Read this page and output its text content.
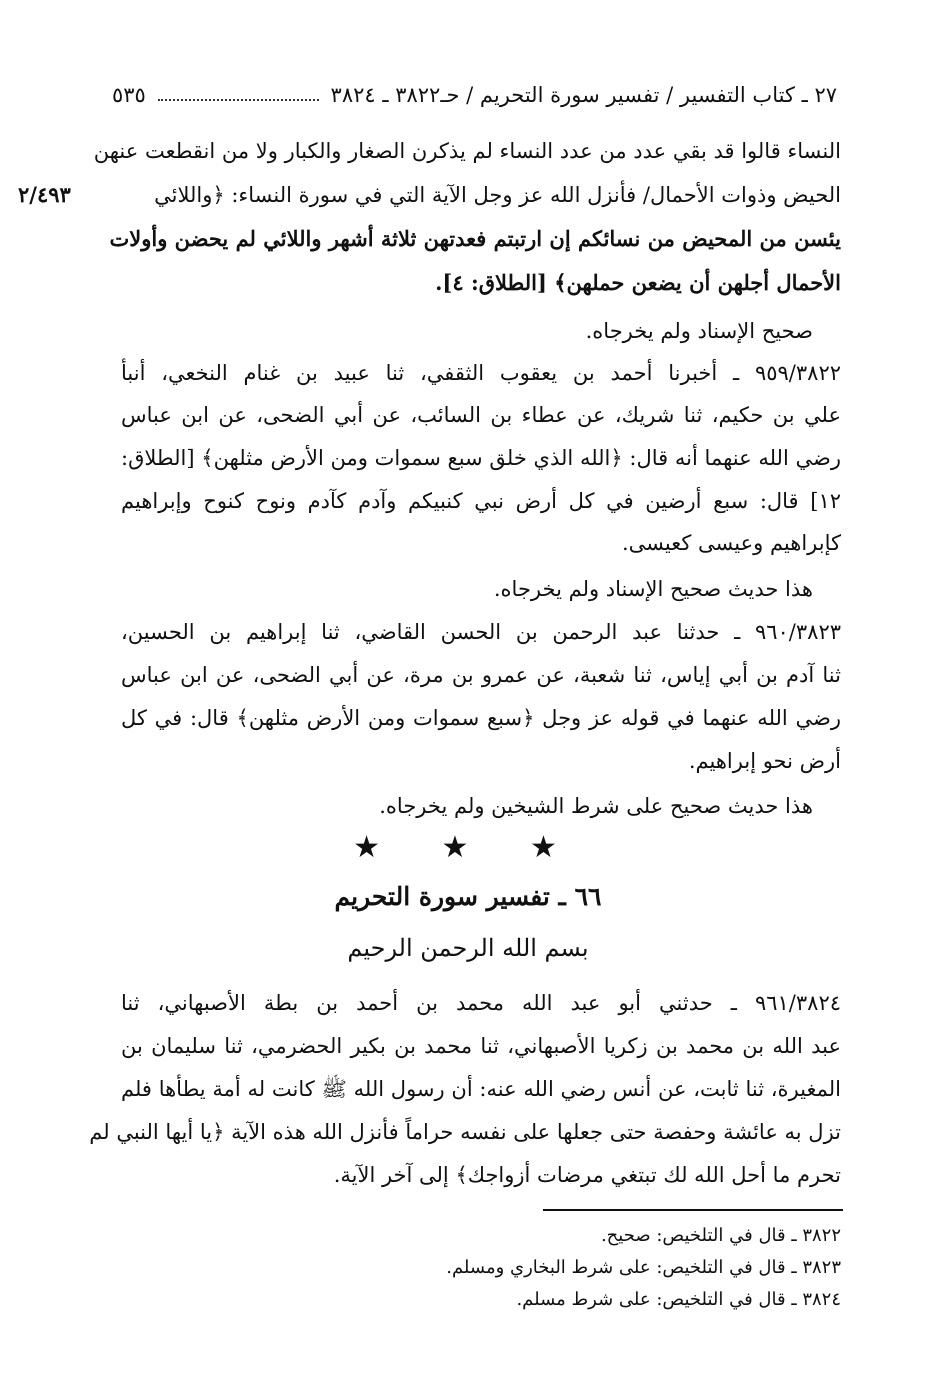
٢٧ ـ كتاب التفسير / تفسير سورة التحريم / حـ٣٨٢٢ ـ ٣٨٢٤
٥٣٥
٢/٤٩٣
النساء قالوا قد بقي عدد من عدد النساء لم يذكرن الصغار والكبار ولا من انقطعت عنهن
الحيض وذوات الأحمال/ فأنزل الله عز وجل الآية التي في سورة النساء: ﴿واللائي
يئسن من المحيض من نسائكم إن ارتبتم فعدتهن ثلاثة أشهر واللائي لم يحضن وأولات
الأحمال أجلهن أن يضعن حملهن﴾ [الطلاق: ٤].
صحيح الإسناد ولم يخرجاه.
٩٥٩/٣٨٢٢ ـ أخبرنا أحمد بن يعقوب الثقفي، ثنا عبيد بن غنام النخعي، أنبأ
علي بن حكيم، ثنا شريك، عن عطاء بن السائب، عن أبي الضحى، عن ابن عباس
رضي الله عنهما أنه قال: ﴿الله الذي خلق سبع سموات ومن الأرض مثلهن﴾ [الطلاق:
١٢] قال: سبع أرضين في كل أرض نبي كنبيكم وآدم كآدم ونوح كنوح وإبراهيم
كإبراهيم وعيسى كعيسى.
هذا حديث صحيح الإسناد ولم يخرجاه.
٩٦٠/٣٨٢٣ ـ حدثنا عبد الرحمن بن الحسن القاضي، ثنا إبراهيم بن الحسين،
ثنا آدم بن أبي إياس، ثنا شعبة، عن عمرو بن مرة، عن أبي الضحى، عن ابن عباس
رضي الله عنهما في قوله عز وجل ﴿سبع سموات ومن الأرض مثلهن﴾ قال: في كل
أرض نحو إبراهيم.
هذا حديث صحيح على شرط الشيخين ولم يخرجاه.
★ ★ ★
٦٦ ـ تفسير سورة التحريم
بسم الله الرحمن الرحيم
٩٦١/٣٨٢٤ ـ حدثني أبو عبد الله محمد بن أحمد بن بطة الأصبهاني، ثنا
عبد الله بن محمد بن زكريا الأصبهاني، ثنا محمد بن بكير الحضرمي، ثنا سليمان بن
المغيرة، ثنا ثابت، عن أنس رضي الله عنه: أن رسول الله ﷺ كانت له أمة يطأها فلم
تزل به عائشة وحفصة حتى جعلها على نفسه حراماً فأنزل الله هذه الآية ﴿يا أيها النبي لم
تحرم ما أحل الله لك تبتغي مرضات أزواجك﴾ إلى آخر الآية.
٣٨٢٢ ـ قال في التلخيص: صحيح.
٣٨٢٣ ـ قال في التلخيص: على شرط البخاري ومسلم.
٣٨٢٤ ـ قال في التلخيص: على شرط مسلم.
